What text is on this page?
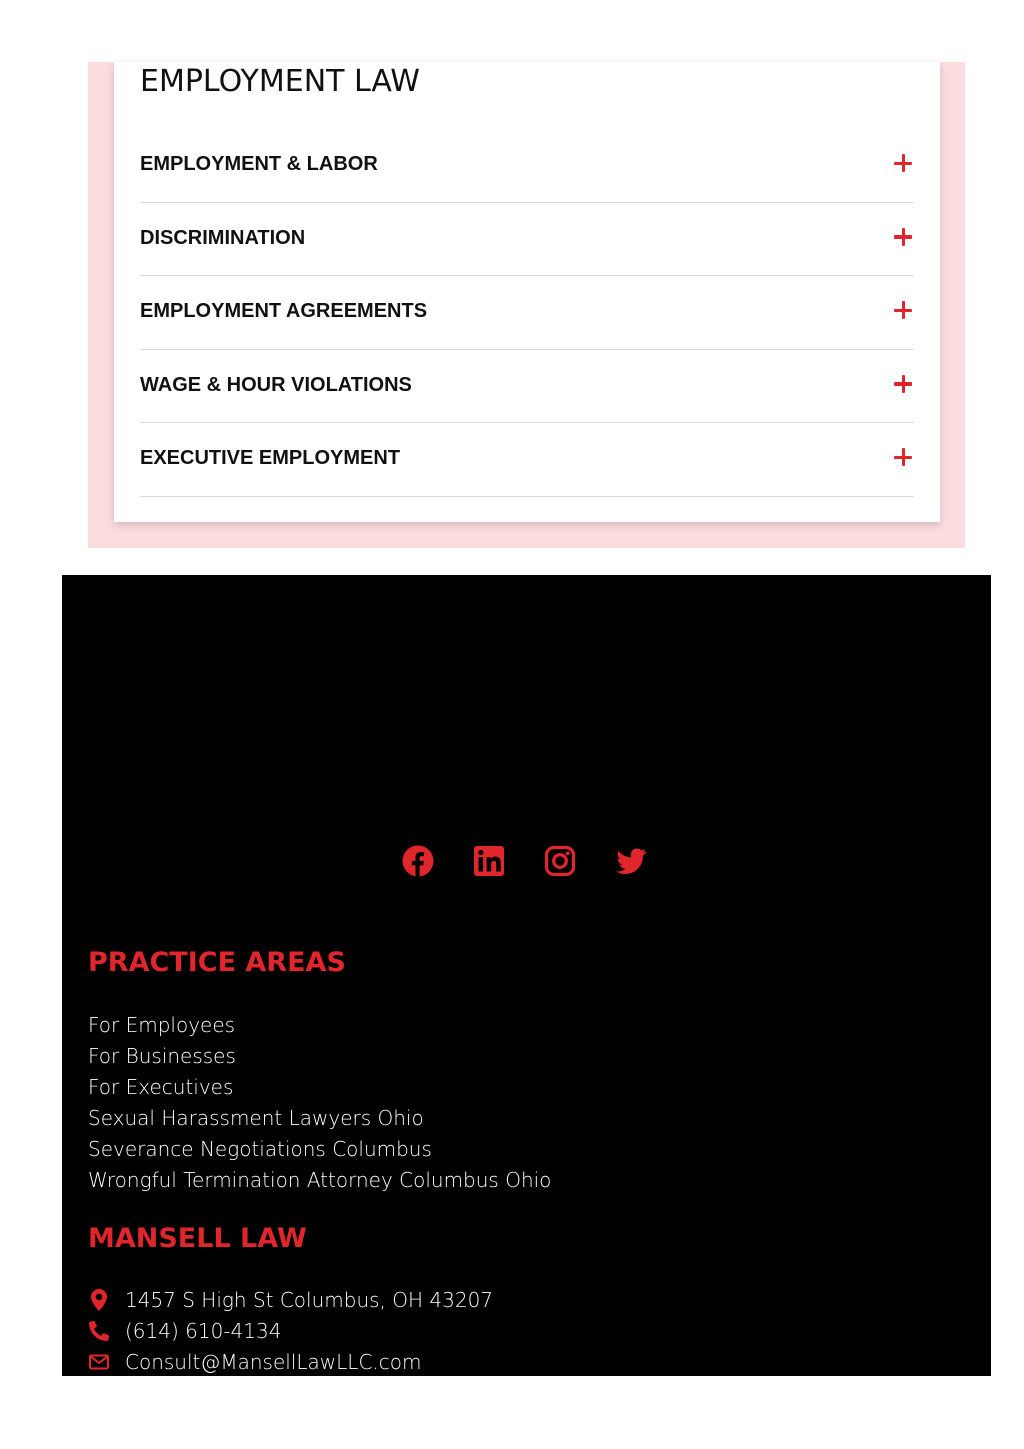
EMPLOYMENT LAW
EMPLOYMENT & LABOR
DISCRIMINATION
EMPLOYMENT AGREEMENTS
WAGE & HOUR VIOLATIONS
EXECUTIVE EMPLOYMENT
PRACTICE AREAS
For Employees
For Businesses
For Executives
Sexual Harassment Lawyers Ohio
Severance Negotiations Columbus
Wrongful Termination Attorney Columbus Ohio
MANSELL LAW
1457 S High St Columbus, OH 43207
(614) 610-4134
Consult@MansellLawLLC.com
